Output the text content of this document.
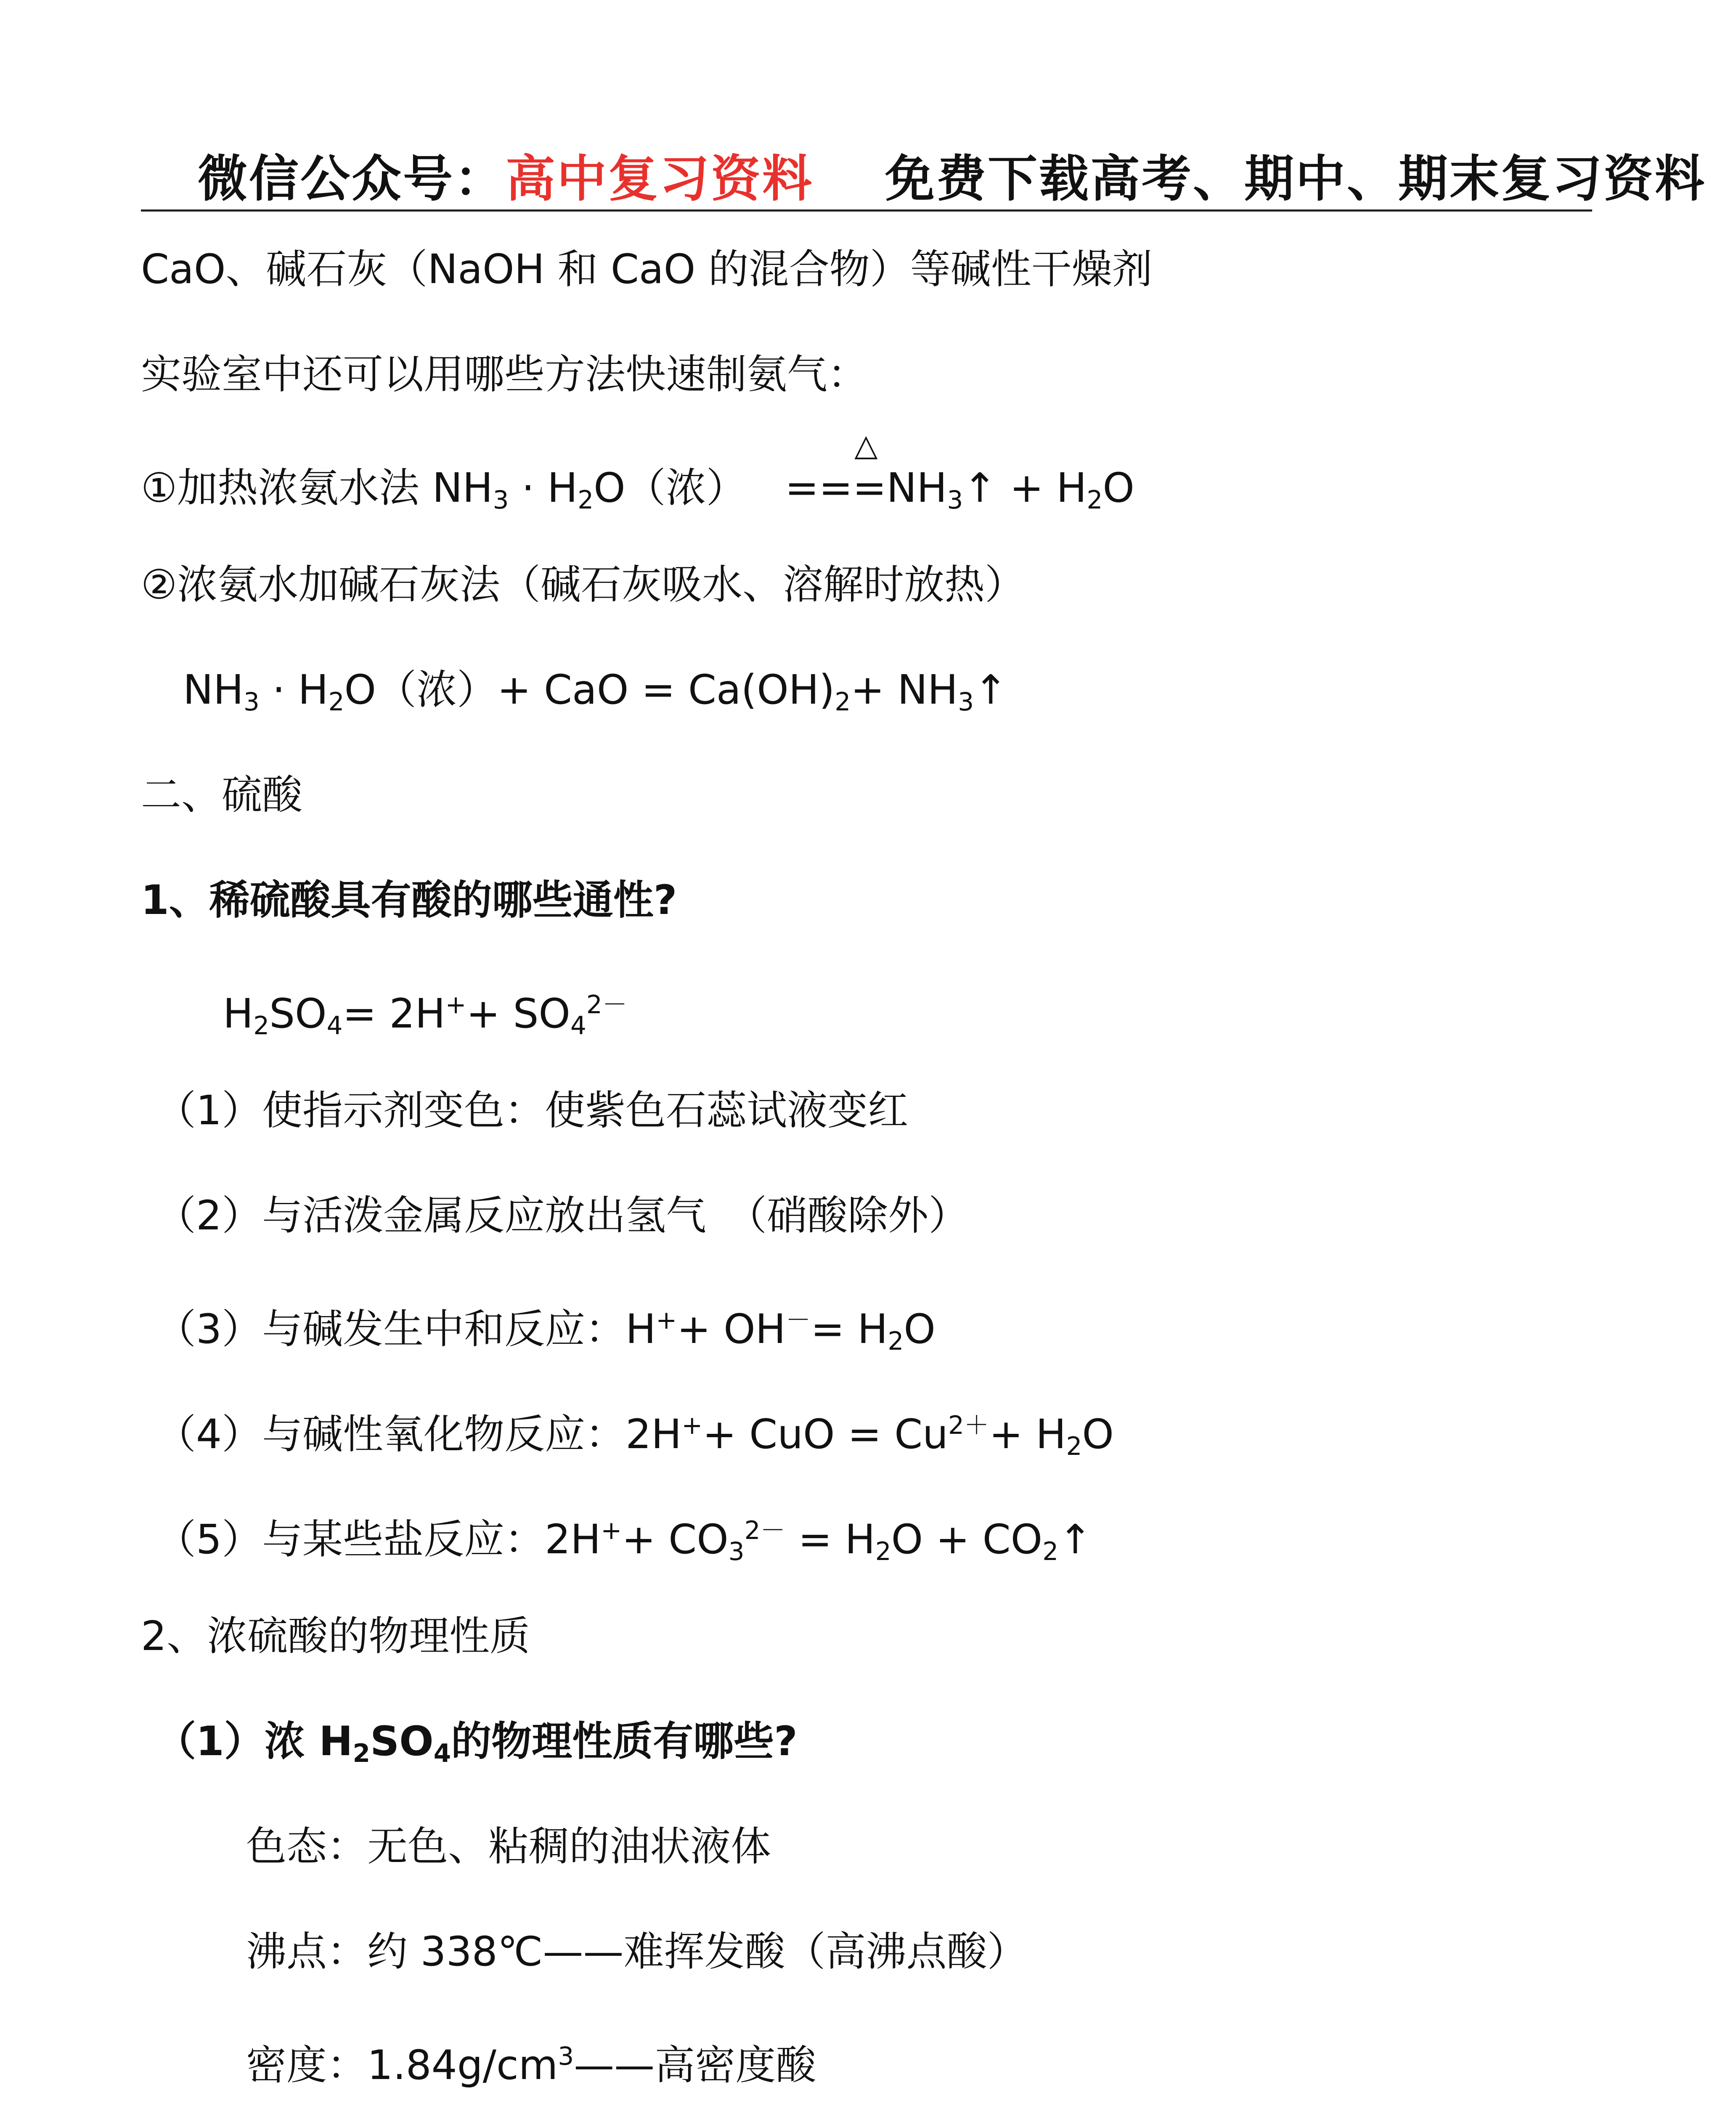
微信公众号：高中复习资料 免费下载高考、期中、期末复习资料
CaO、碱石灰（NaOH 和 CaO 的混合物）等碱性干燥剂
实验室中还可以用哪些方法快速制氨气：
①加热浓氨水法 $NH_3 \cdot H_2O$（浓）
△
$===NH_3↑ + H_2O$
②浓氨水加碱石灰法（碱石灰吸水、溶解时放热）
$NH_3 \cdot H_2O$（浓）+ CaO = $Ca(OH)_2+$ $NH_3↑$
二、硫酸
1、稀硫酸具有酸的哪些通性?
$H_2SO_4= 2H^++ SO_4^{2-}$
（1）使指示剂变色：使紫色石蕊试液变红
（2）与活泼金属反应放出氢气　（硝酸除外）
（3）与碱发生中和反应：$H^++ OH^-= H_2O$
（4）与碱性氧化物反应：2H++ CuO = $Cu^{2+}+ H_2O$
（5）与某些盐反应：$2H^++ CO_3^{2-} = H_2O$ + $CO_2↑$
2、浓硫酸的物理性质
（1）浓 $H_2SO_4$的物理性质有哪些?
色态：无色、粘稠的油状液体
沸点：约 338℃——难挥发酸（高沸点酸）
密度：$1.84g/cm^3——$高密度酸
